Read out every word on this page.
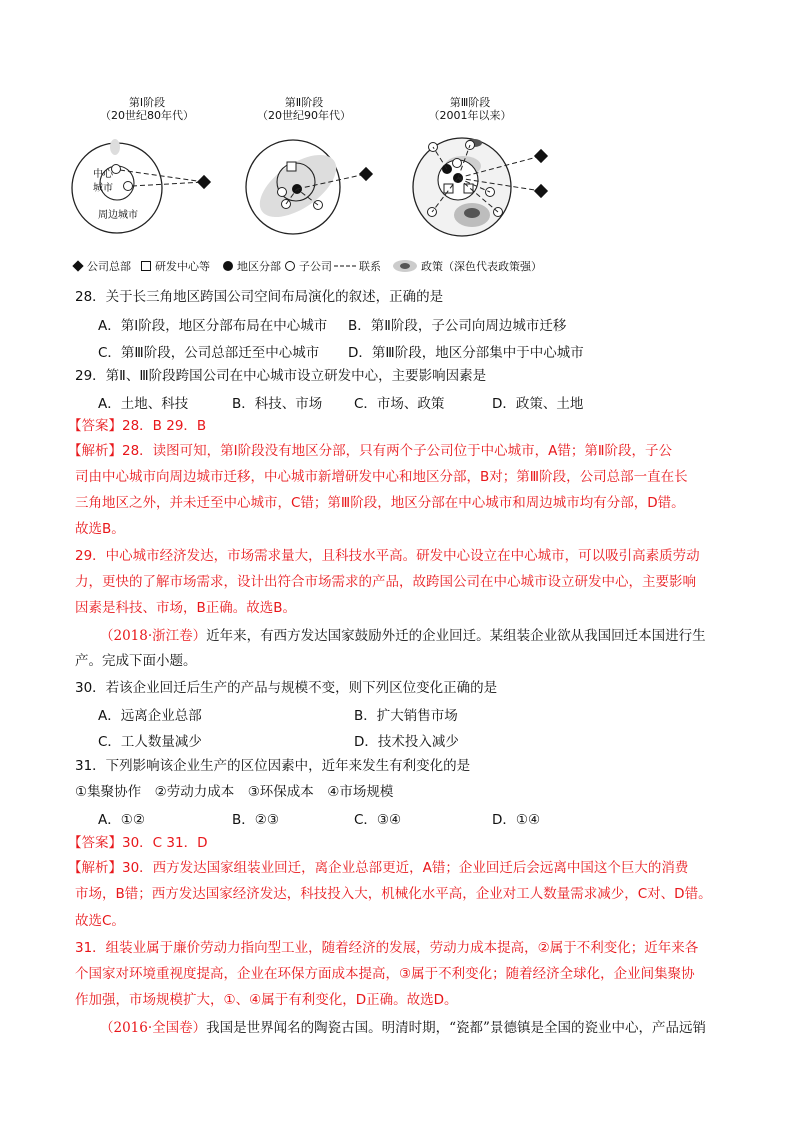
第Ⅰ阶段
（20世纪80年代）
第Ⅱ阶段
（20世纪90年代）
第Ⅲ阶段
（2001年以来）
中心
城市
周边城市
公司总部 研发中心等 地区分部 子公司 联系	政策（深色代表政策强）
28．关于长三角地区跨国公司空间布局演化的叙述，正确的是
A．第Ⅰ阶段，地区分部布局在中心城市 B．第Ⅱ阶段，子公司向周边城市迁移
C．第Ⅲ阶段，公司总部迁至中心城市 D．第Ⅲ阶段，地区分部集中于中心城市
29．第Ⅱ、Ⅲ阶段跨国公司在中心城市设立研发中心，主要影响因素是
A．土地、科技	B．科技、市场 C．市场、政策	D．政策、土地
【答案】28．B 29．B
【解析】28．读图可知，第Ⅰ阶段没有地区分部，只有两个子公司位于中心城市，A错；第Ⅱ阶段，子公
司由中心城市向周边城市迁移，中心城市新增研发中心和地区分部，B对；第Ⅲ阶段，公司总部一直在长
三角地区之外，并未迁至中心城市，C错；第Ⅲ阶段，地区分部在中心城市和周边城市均有分部，D错。
故选B。
29．中心城市经济发达，市场需求量大，且科技水平高。研发中心设立在中心城市，可以吸引高素质劳动
力，更快的了解市场需求，设计出符合市场需求的产品，故跨国公司在中心城市设立研发中心，主要影响
因素是科技、市场，B正确。故选B。
（2018·浙江卷）近年来，有西方发达国家鼓励外迁的企业回迁。某组装企业欲从我国回迁本国进行生
产。完成下面小题。
30．若该企业回迁后生产的产品与规模不变，则下列区位变化正确的是
A．远离企业总部	B．扩大销售市场
C．工人数量减少	D．技术投入减少
31．下列影响该企业生产的区位因素中，近年来发生有利变化的是
①集聚协作　②劳动力成本　③环保成本　④市场规模
A．①②	B．②③	C．③④	D．①④
【答案】30．C 31．D
【解析】30．西方发达国家组装业回迁，离企业总部更近，A错；企业回迁后会远离中国这个巨大的消费
市场，B错；西方发达国家经济发达，科技投入大，机械化水平高，企业对工人数量需求减少，C对、D错。
故选C。
31．组装业属于廉价劳动力指向型工业，随着经济的发展，劳动力成本提高，②属于不利变化；近年来各
个国家对环境重视度提高，企业在环保方面成本提高，③属于不利变化；随着经济全球化，企业间集聚协
作加强，市场规模扩大，①、④属于有利变化，D正确。故选D。
（2016·全国卷）我国是世界闻名的陶瓷古国。明清时期，“瓷都”景德镇是全国的瓷业中心，产品远销
